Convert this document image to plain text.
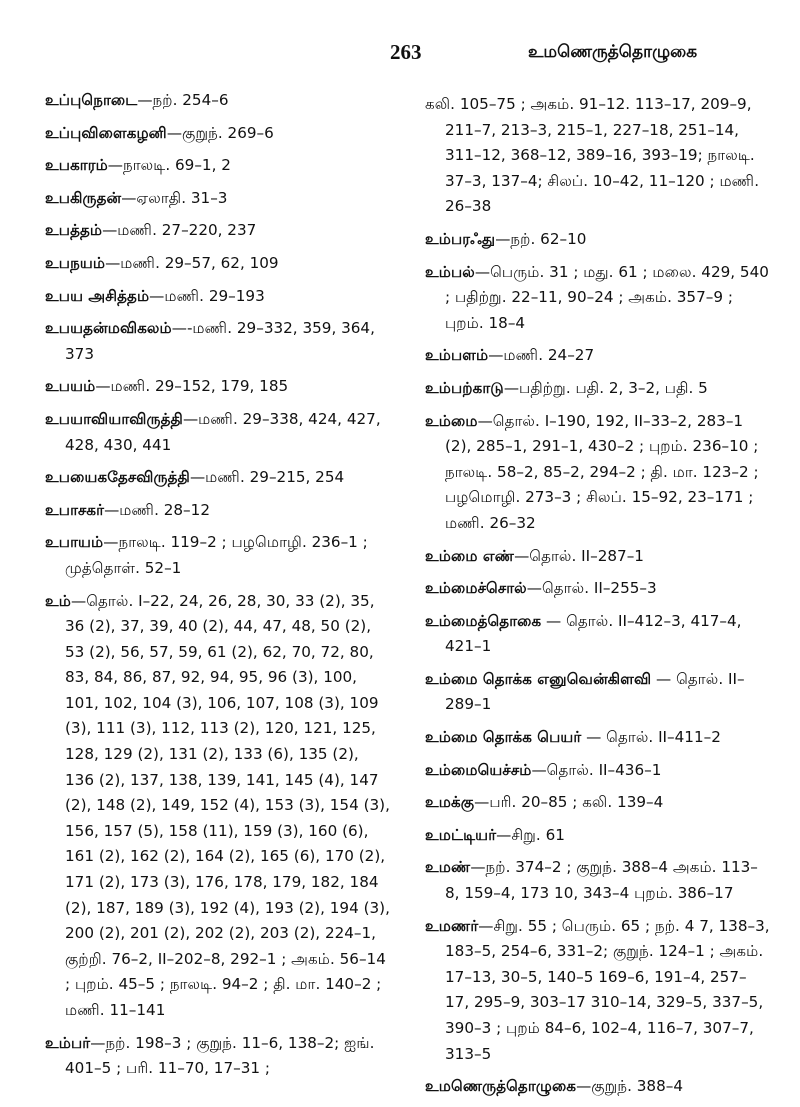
263	உமணெருத்தொழுகை
உப்புநொடை—நற். 254–6
உப்புவிளைகழனி—குறுந். 269–6
உபகாரம்—நாலடி. 69–1, 2
உபகிருதன்—ஏலாதி. 31–3
உபத்தம்—மணி. 27–220, 237
உபநயம்—மணி. 29–57, 62, 109
உபய அசித்தம்—மணி. 29–193
உபயதன்மவிகலம்—-மணி. 29–332, 359, 364, 373
உபயம்—மணி. 29–152, 179, 185
உபயாவியாவிருத்தி—மணி. 29–338, 424, 427, 428, 430, 441
உபயைகதேசவிருத்தி—மணி. 29–215, 254
உபாசகர்—மணி. 28–12
உபாயம்—நாலடி. 119–2 ; பழமொழி. 236–1 ; முத்தொள். 52–1
உம்—தொல். I–22, 24, 26, 28, 30, 33 (2), 35, 36 (2), 37, 39, 40 (2), 44, 47, 48, 50 (2), 53 (2), 56, 57, 59, 61 (2), 62, 70, 72, 80, 83, 84, 86, 87, 92, 94, 95, 96 (3), 100, 101, 102, 104 (3), 106, 107, 108 (3), 109 (3), 111 (3), 112, 113 (2), 120, 121, 125, 128, 129 (2), 131 (2), 133 (6), 135 (2), 136 (2), 137, 138, 139, 141, 145 (4), 147 (2), 148 (2), 149, 152 (4), 153 (3), 154 (3), 156, 157 (5), 158 (11), 159 (3), 160 (6), 161 (2), 162 (2), 164 (2), 165 (6), 170 (2), 171 (2), 173 (3), 176, 178, 179, 182, 184 (2), 187, 189 (3), 192 (4), 193 (2), 194 (3), 200 (2), 201 (2), 202 (2), 203 (2), 224–1, குற்றி. 76–2, II–202–8, 292–1 ; அகம். 56–14 ; புறம். 45–5 ; நாலடி. 94–2 ; தி. மா. 140–2 ; மணி. 11–141
உம்பர்—நற். 198–3 ; குறுந். 11–6, 138–2; ஐங். 401–5 ; பரி. 11–70, 17–31 ;
கலி. 105–75 ; அகம். 91–12. 113–17, 209–9, 211–7, 213–3, 215–1, 227–18, 251–14, 311–12, 368–12, 389–16, 393–19; நாலடி. 37–3, 137–4; சிலப். 10–42, 11–120 ; மணி. 26–38
உம்பரஃது—நற். 62–10
உம்பல்—பெரும். 31 ; மது. 61 ; மலை. 429, 540 ; பதிற்று. 22–11, 90–24 ; அகம். 357–9 ; புறம். 18–4
உம்பளம்—மணி. 24–27
உம்பற்காடு—பதிற்று. பதி. 2, 3–2, பதி. 5
உம்மை—தொல். I–190, 192, II–33–2, 283–1 (2), 285–1, 291–1, 430–2 ; புறம். 236–10 ; நாலடி. 58–2, 85–2, 294–2 ; தி. மா. 123–2 ; பழமொழி. 273–3 ; சிலப். 15–92, 23–171 ; மணி. 26–32
உம்மை எண்—தொல். II–287–1
உம்மைச்சொல்—தொல். II–255–3
உம்மைத்தொகை — தொல். II–412–3, 417–4, 421–1
உம்மை தொக்க எனுவென்கிளவி — தொல். II–289–1
உம்மை தொக்க பெயர் — தொல். II–411–2
உம்மையெச்சம்—தொல். II–436–1
உமக்கு—பரி. 20–85 ; கலி. 139–4
உமட்டியர்—சிறு. 61
உமண்—நற். 374–2 ; குறுந். 388–4 அகம். 113–8, 159–4, 173 10, 343–4 புறம். 386–17
உமணர்—சிறு. 55 ; பெரும். 65 ; நற். 4 7, 138–3, 183–5, 254–6, 331–2; குறுந். 124–1 ; அகம். 17–13, 30–5, 140–5 169–6, 191–4, 257–17, 295–9, 303–17 310–14, 329–5, 337–5, 390–3 ; புறம் 84–6, 102–4, 116–7, 307–7, 313–5
உமணெருத்தொழுகை—குறுந். 388–4
